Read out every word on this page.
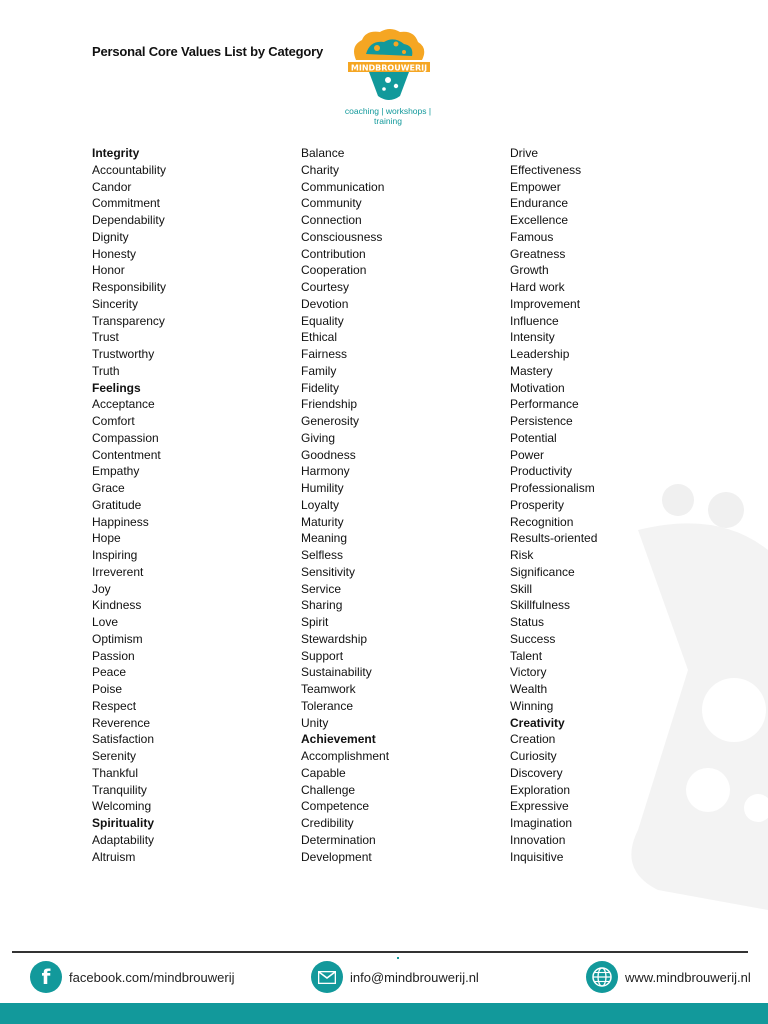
Personal Core Values List by Category
MINDBROUWERIJ
coaching | workshops | training
Integrity
Accountability
Candor
Commitment
Dependability
Dignity
Honesty
Honor
Responsibility
Sincerity
Transparency
Trust
Trustworthy
Truth
Feelings
Acceptance
Comfort
Compassion
Contentment
Empathy
Grace
Gratitude
Happiness
Hope
Inspiring
Irreverent
Joy
Kindness
Love
Optimism
Passion
Peace
Poise
Respect
Reverence
Satisfaction
Serenity
Thankful
Tranquility
Welcoming
Spirituality
Adaptability
Altruism
Balance
Charity
Communication
Community
Connection
Consciousness
Contribution
Cooperation
Courtesy
Devotion
Equality
Ethical
Fairness
Family
Fidelity
Friendship
Generosity
Giving
Goodness
Harmony
Humility
Loyalty
Maturity
Meaning
Selfless
Sensitivity
Service
Sharing
Spirit
Stewardship
Support
Sustainability
Teamwork
Tolerance
Unity
Achievement
Accomplishment
Capable
Challenge
Competence
Credibility
Determination
Development
Drive
Effectiveness
Empower
Endurance
Excellence
Famous
Greatness
Growth
Hard work
Improvement
Influence
Intensity
Leadership
Mastery
Motivation
Performance
Persistence
Potential
Power
Productivity
Professionalism
Prosperity
Recognition
Results-oriented
Risk
Significance
Skill
Skillfulness
Status
Success
Talent
Victory
Wealth
Winning
Creativity
Creation
Curiosity
Discovery
Exploration
Expressive
Imagination
Innovation
Inquisitive
f	facebook.com/mindbrouwerij	info@mindbrouwerij.nl	www.mindbrouwerij.nl
